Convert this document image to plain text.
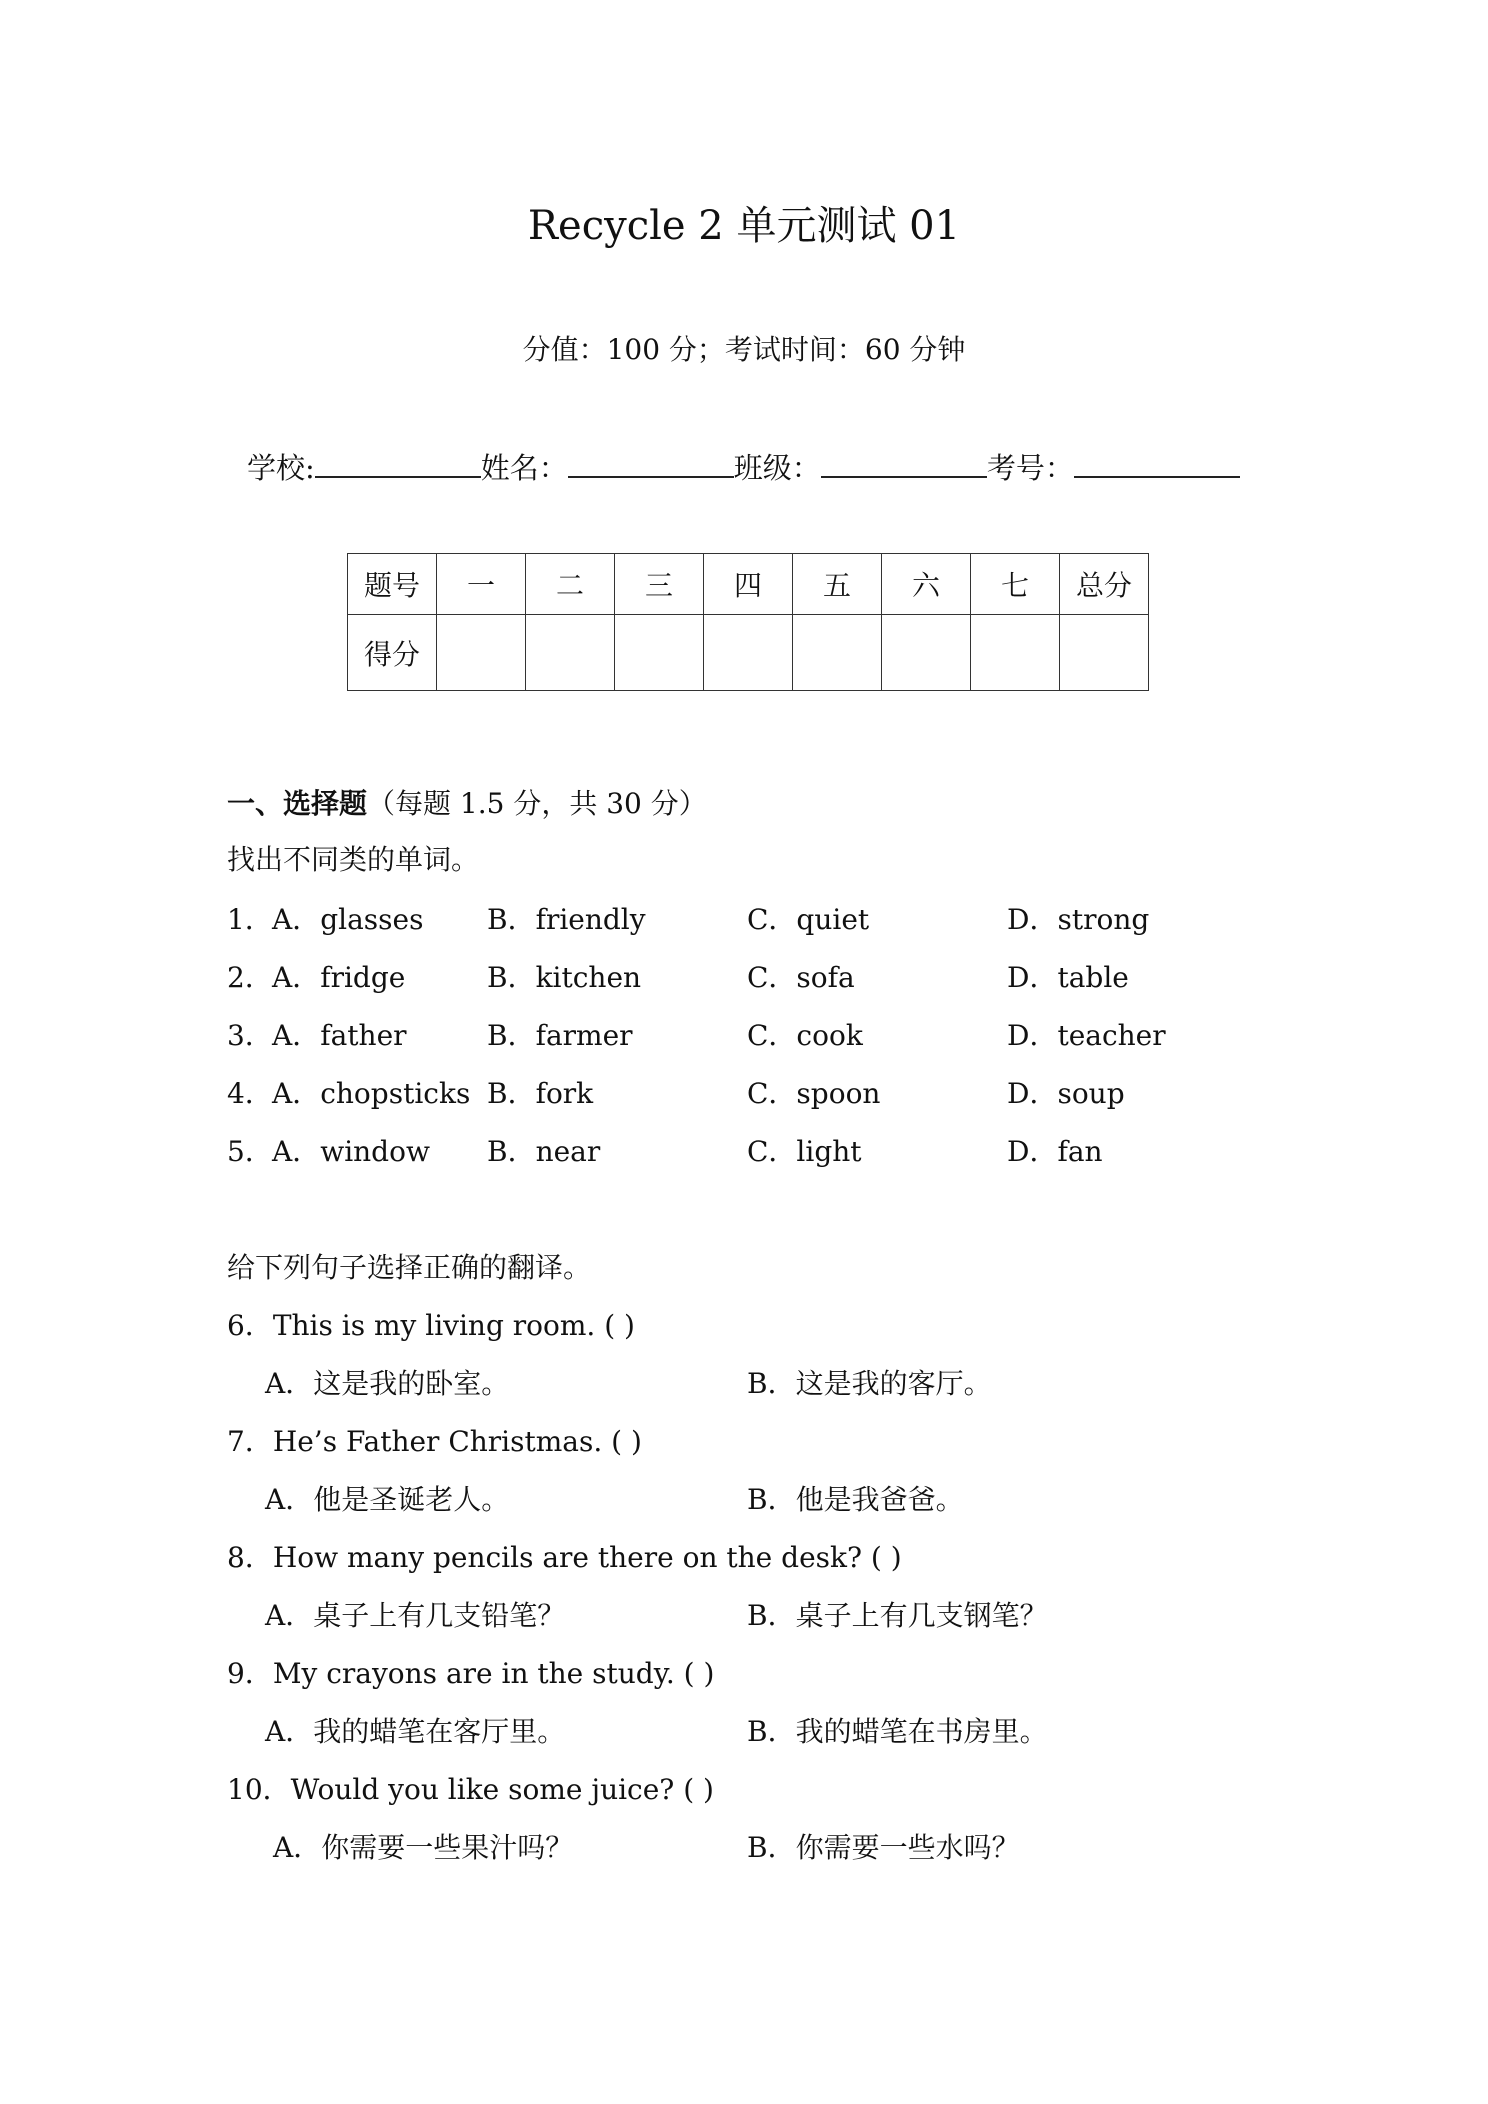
Recycle 2 单元测试 01
分值：100 分；考试时间：60 分钟
学校:	姓名：	班级：	考号：
题号	一	二	三	四	五	六	七	总分
得分								
一、选择题（每题 1.5 分，共 30 分）
找出不同类的单词。
1． A．glasses B．friendly	C．quiet	D．strong
2． A．fridge	B．kitchen	C．sofa	D．table
3． A．father	B．farmer	C．cook	D．teacher
4． A．chopsticks B．fork	C．spoon	D．soup
5． A．window B．near	C．light	D．fan
给下列句子选择正确的翻译。
6．This is my living room. ( )
A．这是我的卧室。	B．这是我的客厅。
7．He’s Father Christmas. ( )
A．他是圣诞老人。	B．他是我爸爸。
8．How many pencils are there on the desk? ( )
A．桌子上有几支铅笔？	B．桌子上有几支钢笔？
9．My crayons are in the study. ( )
A．我的蜡笔在客厅里。	B．我的蜡笔在书房里。
10．Would you like some juice? ( )
A．你需要一些果汁吗？	B．你需要一些水吗？
